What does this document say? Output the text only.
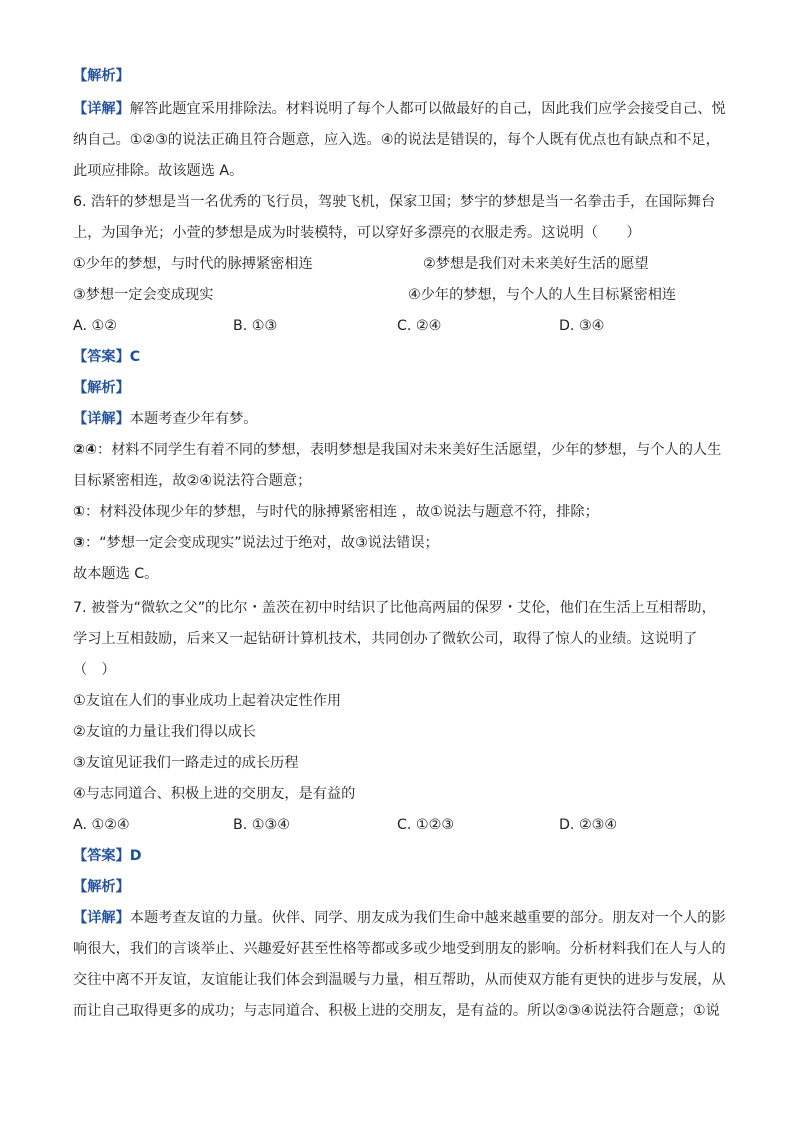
【解析】
【详解】解答此题宜采用排除法。材料说明了每个人都可以做最好的自己，因此我们应学会接受自己、悦
纳自己。①②③的说法正确且符合题意，应入选。④的说法是错误的，每个人既有优点也有缺点和不足，
此项应排除。故该题选 A。
6. 浩轩的梦想是当一名优秀的飞行员，驾驶飞机，保家卫国；梦宇的梦想是当一名拳击手，在国际舞台
上，为国争光；小萱的梦想是成为时装模特，可以穿好多漂亮的衣服走秀。这说明（　　）
①少年的梦想，与时代的脉搏紧密相连	②梦想是我们对未来美好生活的愿望
③梦想一定会变成现实	④少年的梦想，与个人的人生目标紧密相连
A. ①②	B. ①③	C. ②④	D. ③④
【答案】C
【解析】
【详解】本题考查少年有梦。
②④：材料不同学生有着不同的梦想，表明梦想是我国对未来美好生活愿望，少年的梦想，与个人的人生
目标紧密相连，故②④说法符合题意；
①：材料没体现少年的梦想，与时代的脉搏紧密相连 ，故①说法与题意不符，排除；
③：“梦想一定会变成现实”说法过于绝对，故③说法错误；
故本题选 C。
7. 被誉为“微软之父”的比尔・盖茨在初中时结识了比他高两届的保罗・艾伦，他们在生活上互相帮助，
学习上互相鼓励，后来又一起钻研计算机技术，共同创办了微软公司，取得了惊人的业绩。这说明了
（　）
①友谊在人们的事业成功上起着决定性作用
②友谊的力量让我们得以成长
③友谊见证我们一路走过的成长历程
④与志同道合、积极上进的交朋友，是有益的
A. ①②④	B. ①③④	C. ①②③	D. ②③④
【答案】D
【解析】
【详解】本题考查友谊的力量。伙伴、同学、朋友成为我们生命中越来越重要的部分。朋友对一个人的影
响很大，我们的言谈举止、兴趣爱好甚至性格等都或多或少地受到朋友的影响。分析材料我们在人与人的
交往中离不开友谊，友谊能让我们体会到温暖与力量，相互帮助，从而使双方能有更快的进步与发展，从
而让自己取得更多的成功；与志同道合、积极上进的交朋友，是有益的。所以②③④说法符合题意；①说
